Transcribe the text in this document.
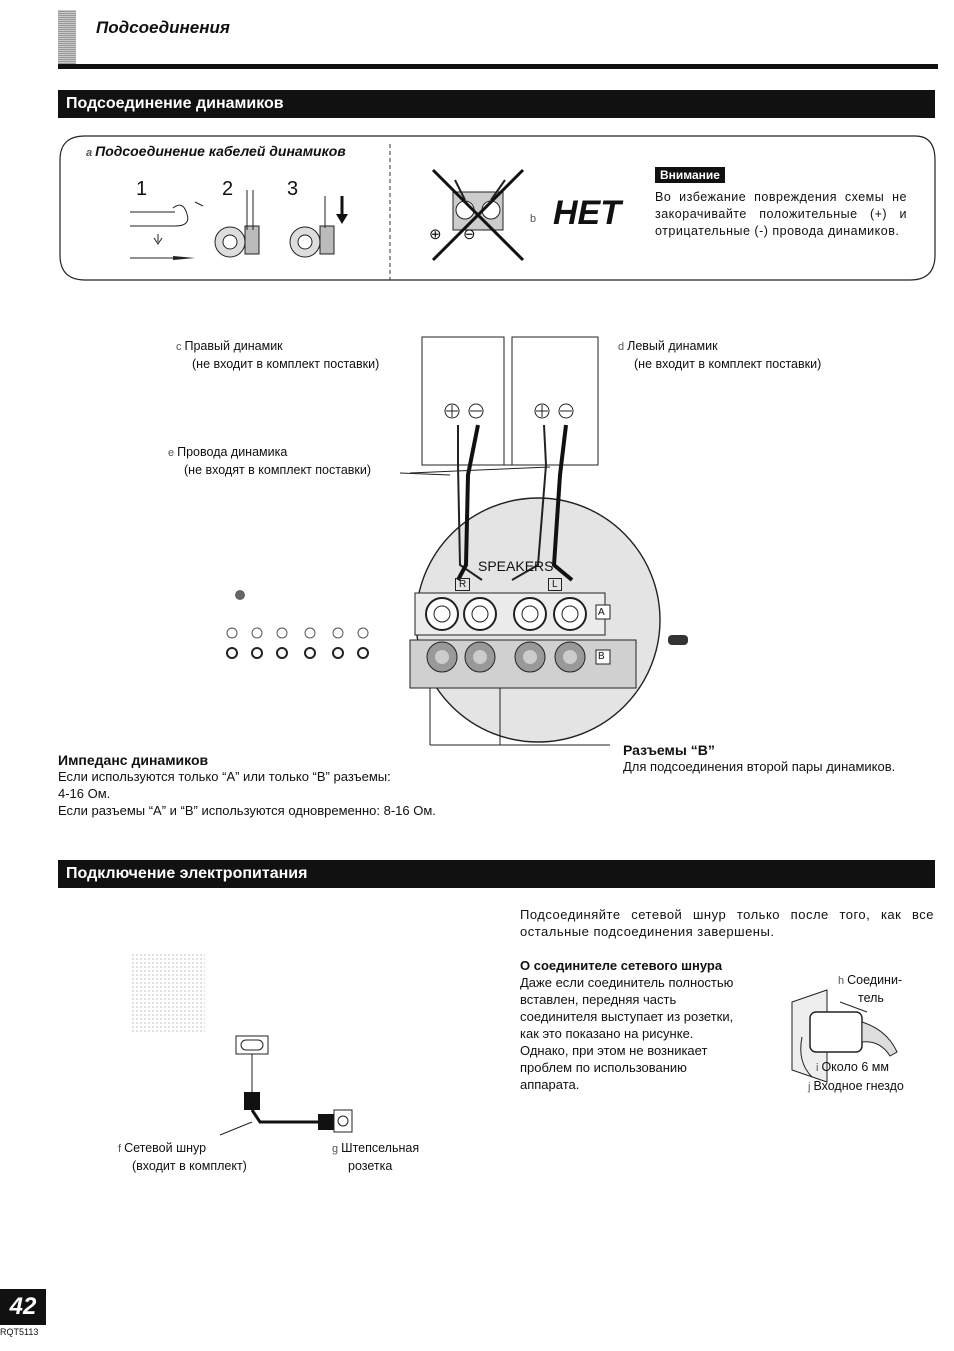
Подсоединения
Подсоединение динамиков
a Подсоединение кабелей динамиков
1	2	3
⊕ ⊖
b НЕТ
Внимание
Во избежание повреждения схемы не закорачивайте положительные (+) и отрицательные (-) провода динамиков.
SPEAKERS
R	L
A
B
c Правый динамик
(не входит в комплект поставки)
d Левый динамик
(не входит в комплект поставки)
e Провода динамика
(не входят в комплект поставки)
Импеданс динамиков
Если используются только “A” или только “B” разъемы:
4-16 Ом.
Если разъемы “A” и “B” используются одновременно: 8-16 Ом.
Разъемы “B”
Для подсоединения второй пары динамиков.
Подключение электропитания
Подсоединяйте сетевой шнур только после того, как все остальные подсоединения завершены.
О соединителе сетевого шнура
Даже если соединитель полностью
вставлен, передняя часть
соединителя выступает из розетки,
как это показано на рисунке.
Однако, при этом не возникает
проблем по использованию
аппарата.
h Соедини-
тель
i Около 6 мм
j Входное гнездо
f Сетевой шнур
(входит в комплект)
g Штепсельная
розетка
42
RQT5113
